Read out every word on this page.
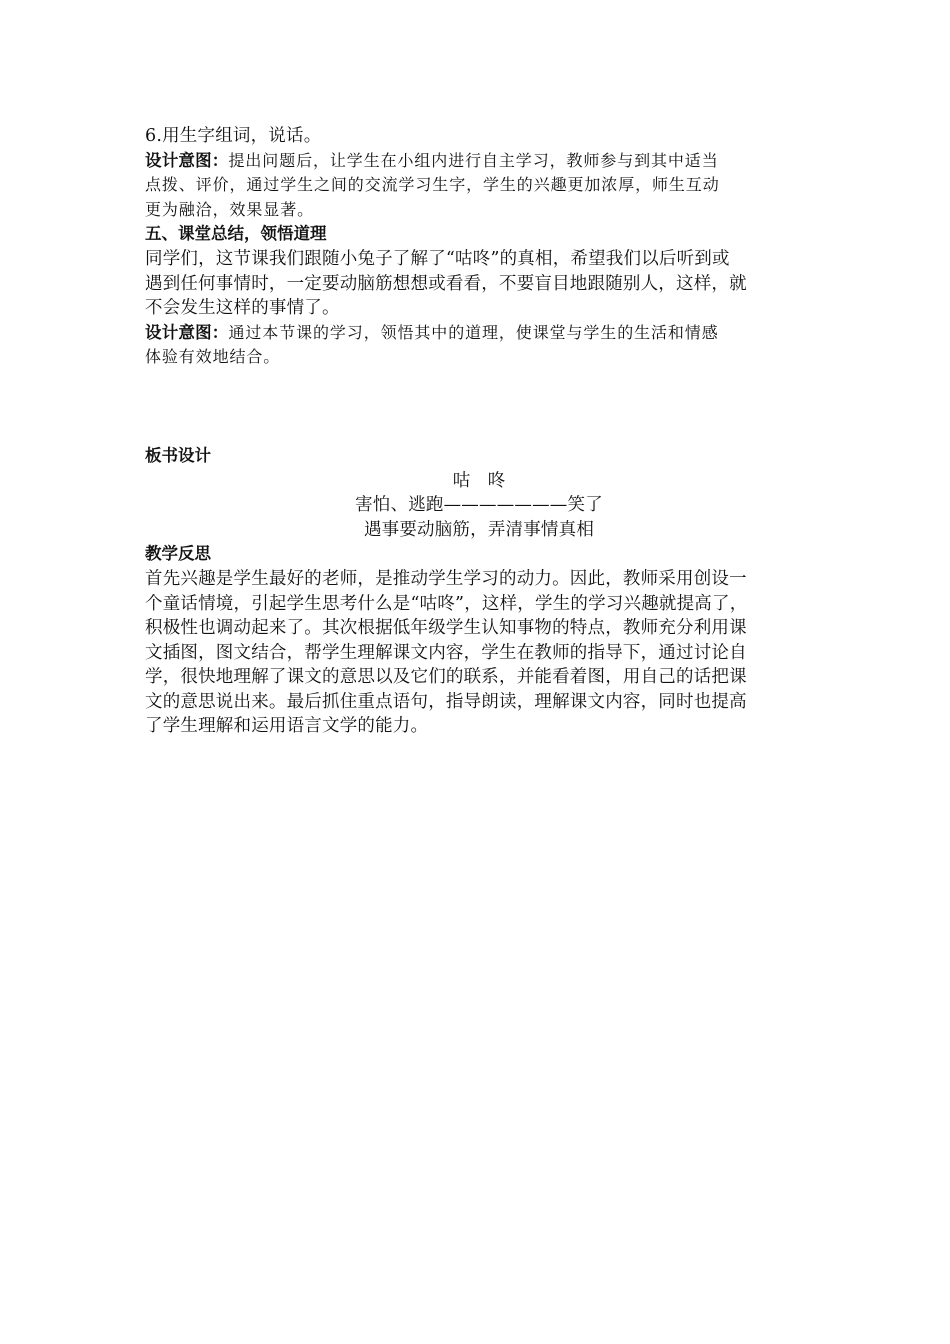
6.用生字组词，说话。
设计意图：提出问题后，让学生在小组内进行自主学习，教师参与到其中适当
点拨、评价，通过学生之间的交流学习生字，学生的兴趣更加浓厚，师生互动
更为融洽，效果显著。
五、课堂总结，领悟道理
同学们，这节课我们跟随小兔子了解了“咕咚”的真相，希望我们以后听到或
遇到任何事情时，一定要动脑筋想想或看看，不要盲目地跟随别人，这样，就
不会发生这样的事情了。
设计意图：通过本节课的学习，领悟其中的道理，使课堂与学生的生活和情感
体验有效地结合。
板书设计
咕　咚
害怕、逃跑———————笑了
遇事要动脑筋，弄清事情真相
教学反思
首先兴趣是学生最好的老师，是推动学生学习的动力。因此，教师采用创设一
个童话情境，引起学生思考什么是“咕咚”，这样，学生的学习兴趣就提高了，
积极性也调动起来了。其次根据低年级学生认知事物的特点，教师充分利用课
文插图，图文结合，帮学生理解课文内容，学生在教师的指导下，通过讨论自
学，很快地理解了课文的意思以及它们的联系，并能看着图，用自己的话把课
文的意思说出来。最后抓住重点语句，指导朗读，理解课文内容，同时也提高
了学生理解和运用语言文学的能力。
